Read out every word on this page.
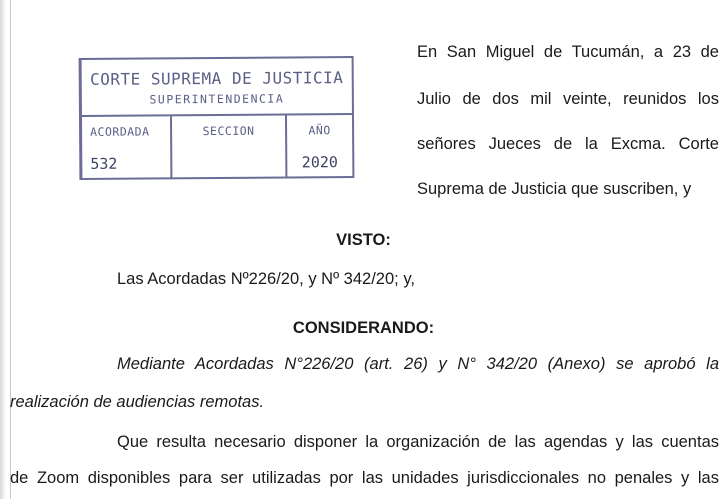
CORTE SUPREMA DE JUSTICIA
SUPERINTENDENCIA
ACORDADA
532
SECCION	AÑO
2020
En San Miguel de Tucumán, a 23 de
Julio de dos mil veinte, reunidos los
señores Jueces de la Excma. Corte
Suprema de Justicia que suscriben, y
VISTO:
Las Acordadas Nº226/20, y Nº 342/20; y,
CONSIDERANDO:
Mediante Acordadas N°226/20 (art. 26) y N° 342/20 (Anexo) se aprobó la
realización de audiencias remotas.
Que resulta necesario disponer la organización de las agendas y las cuentas
de Zoom disponibles para ser utilizadas por las unidades jurisdiccionales no penales y las
